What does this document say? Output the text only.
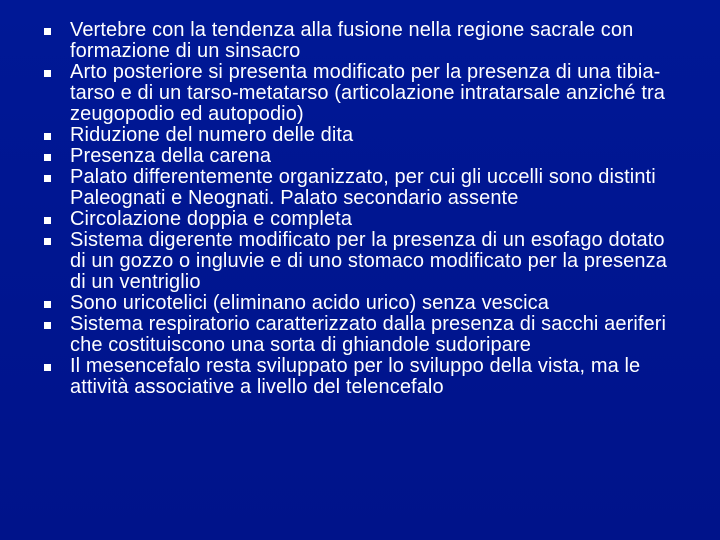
Vertebre con la tendenza alla fusione nella regione sacrale con formazione di un sinsacro
Arto posteriore si presenta modificato per la presenza di una tibia-tarso e di un tarso-metatarso (articolazione intratarsale anziché tra zeugopodio ed autopodio)
Riduzione del numero delle dita
Presenza della carena
Palato differentemente organizzato, per cui gli uccelli sono distinti Paleognati e Neognati. Palato secondario assente
Circolazione doppia e completa
Sistema digerente modificato per la presenza di un esofago dotato di un gozzo o ingluvie e di uno stomaco modificato per la presenza di un ventriglio
Sono uricotelici (eliminano acido urico) senza vescica
Sistema respiratorio caratterizzato dalla presenza di sacchi aeriferi che costituiscono una sorta di ghiandole sudoripare
Il mesencefalo resta sviluppato per lo sviluppo della vista, ma le attività associative a livello del telencefalo
